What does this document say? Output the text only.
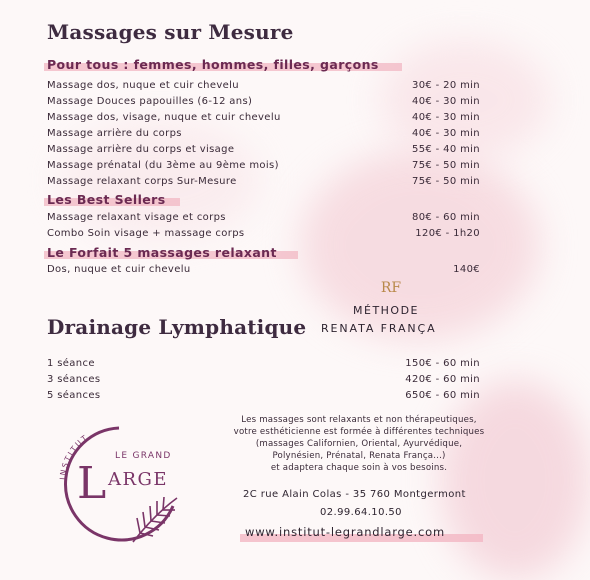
Massages sur Mesure
Pour tous : femmes, hommes, filles, garçons
Massage dos, nuque et cuir chevelu	30€ - 20 min
Massage Douces papouilles (6-12 ans)	40€ - 30 min
Massage dos, visage, nuque et cuir chevelu	40€ - 30 min
Massage arrière du corps	40€ - 30 min
Massage arrière du corps et visage	55€ - 40 min
Massage prénatal (du 3ème au 9ème mois)	75€ - 50 min
Massage relaxant corps Sur-Mesure	75€ - 50 min
Les Best Sellers
Massage relaxant visage et corps	80€ - 60 min
Combo Soin visage + massage corps	120€ - 1h20
Le Forfait 5 massages relaxant
Dos, nuque et cuir chevelu	140€
RF
MÉTHODE
RENATA FRANÇA
Drainage Lymphatique
1 séance	150€ - 60 min
3 séances	420€ - 60 min
5 séances	650€ - 60 min
Les massages sont relaxants et non thérapeutiques,
votre esthéticienne est formée à différentes techniques
(massages Californien, Oriental, Ayurvédique,
Polynésien, Prénatal, Renata França...)
et adaptera chaque soin à vos besoins.
2C rue Alain Colas - 35 760 Montgermont
02.99.64.10.50
www.institut-legrandlarge.com
INSTITUT
LE GRAND
L ARGE
